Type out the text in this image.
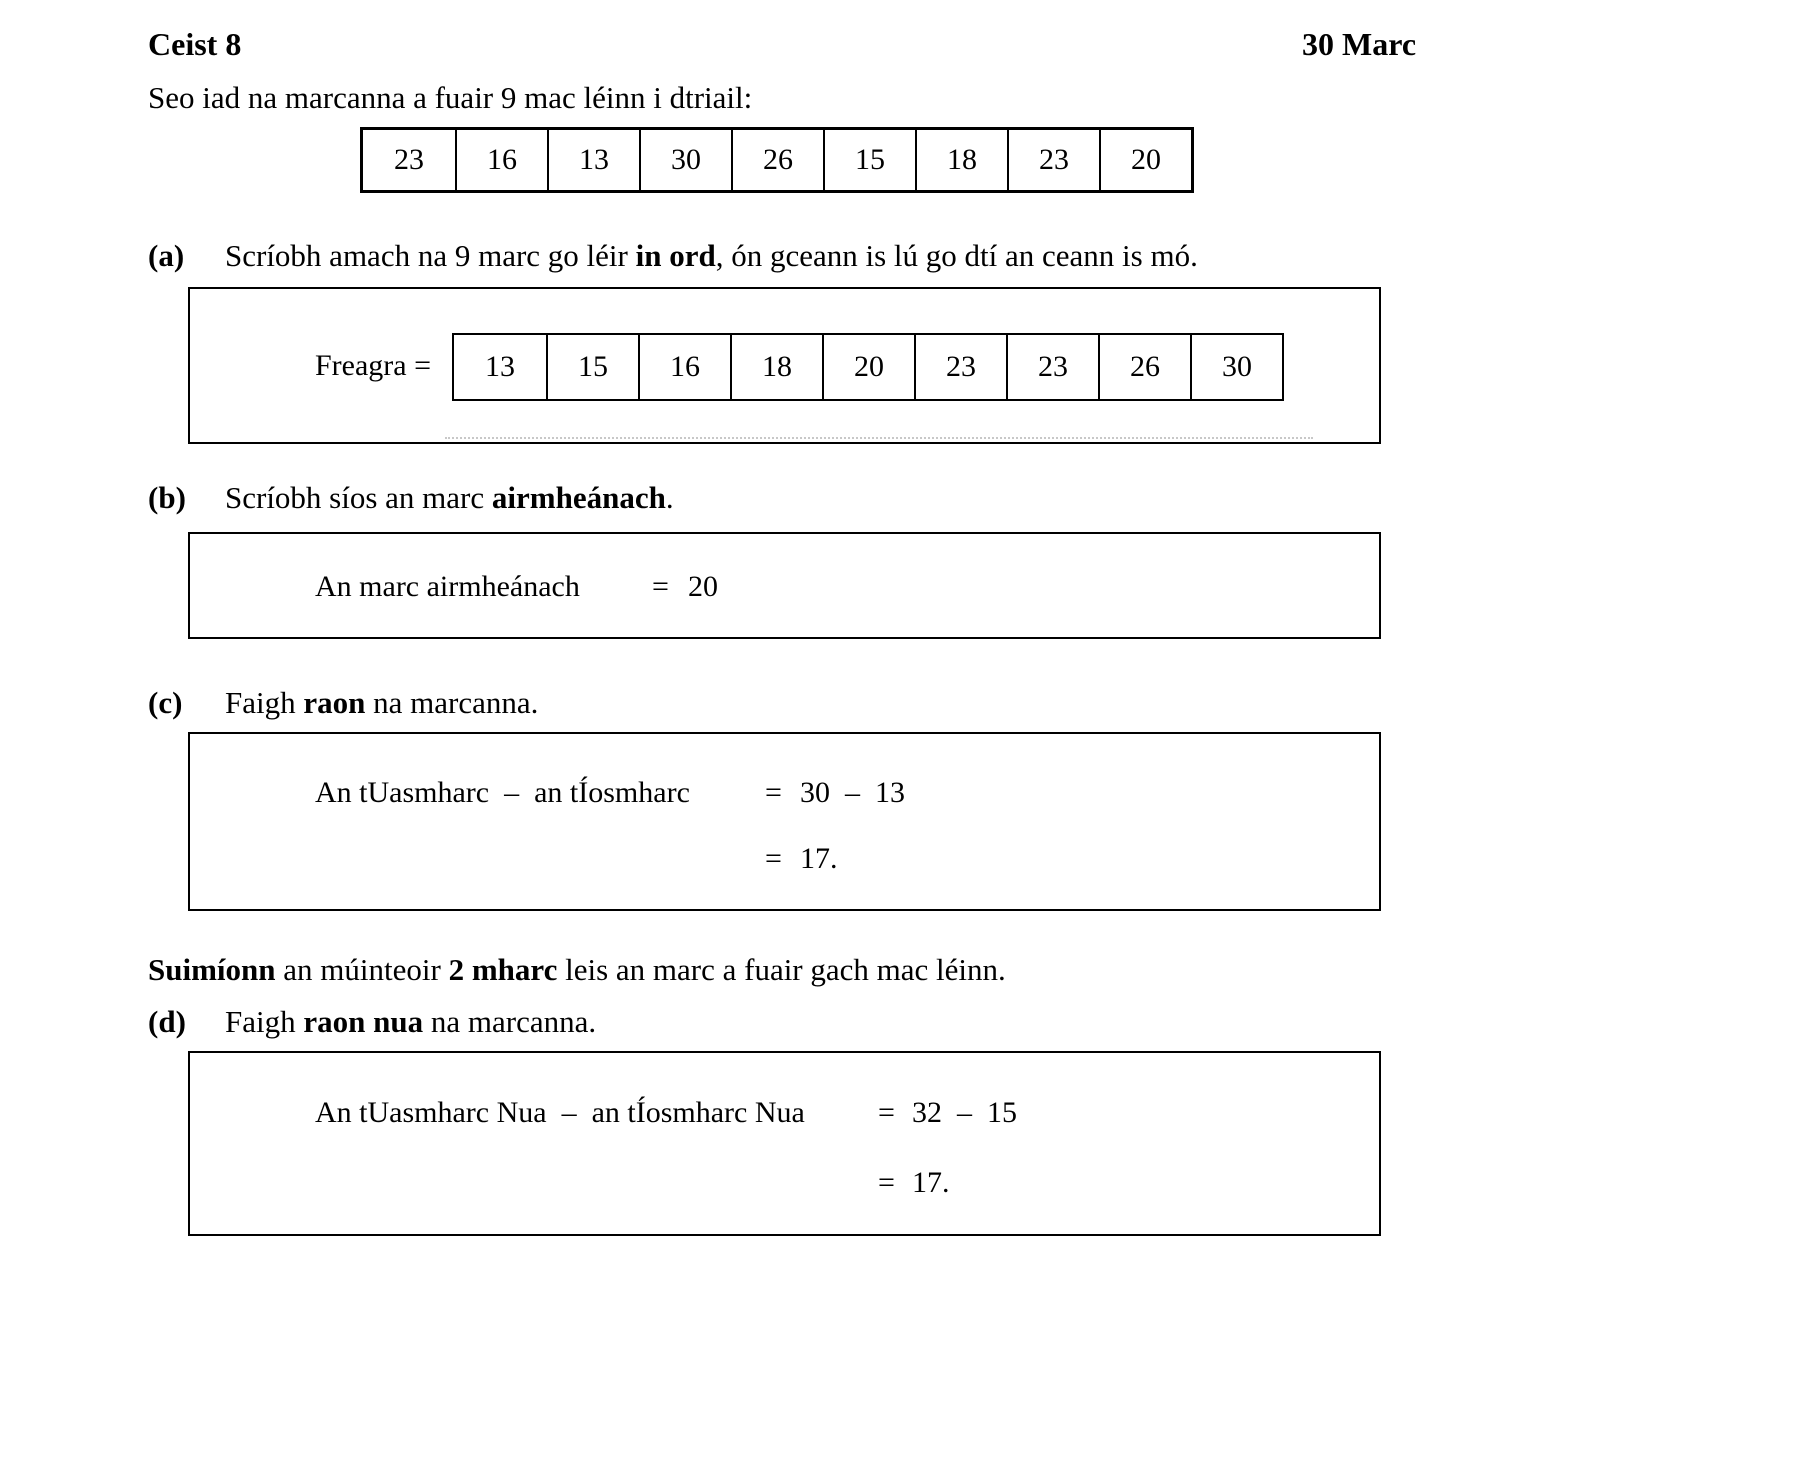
Ceist 8	30 Marc
Seo iad na marcanna a fuair 9 mac léinn i dtriail:
23	16	13	30	26	15	18	23	20
(a) Scríobh amach na 9 marc go léir in ord, ón gceann is lú go dtí an ceann is mó.
Freagra =	13	15	16	18	20	23	23	26	30
(b) Scríobh síos an marc airmheánach.
An marc airmheánach = 20
(c) Faigh raon na marcanna.
An tUasmharc  –  an tÍosmharc	= 30  –  13
= 17.
Suimíonn an múinteoir 2 mharc leis an marc a fuair gach mac léinn.
(d) Faigh raon nua na marcanna.
An tUasmharc Nua  –  an tÍosmharc Nua = 32  –  15
= 17.
